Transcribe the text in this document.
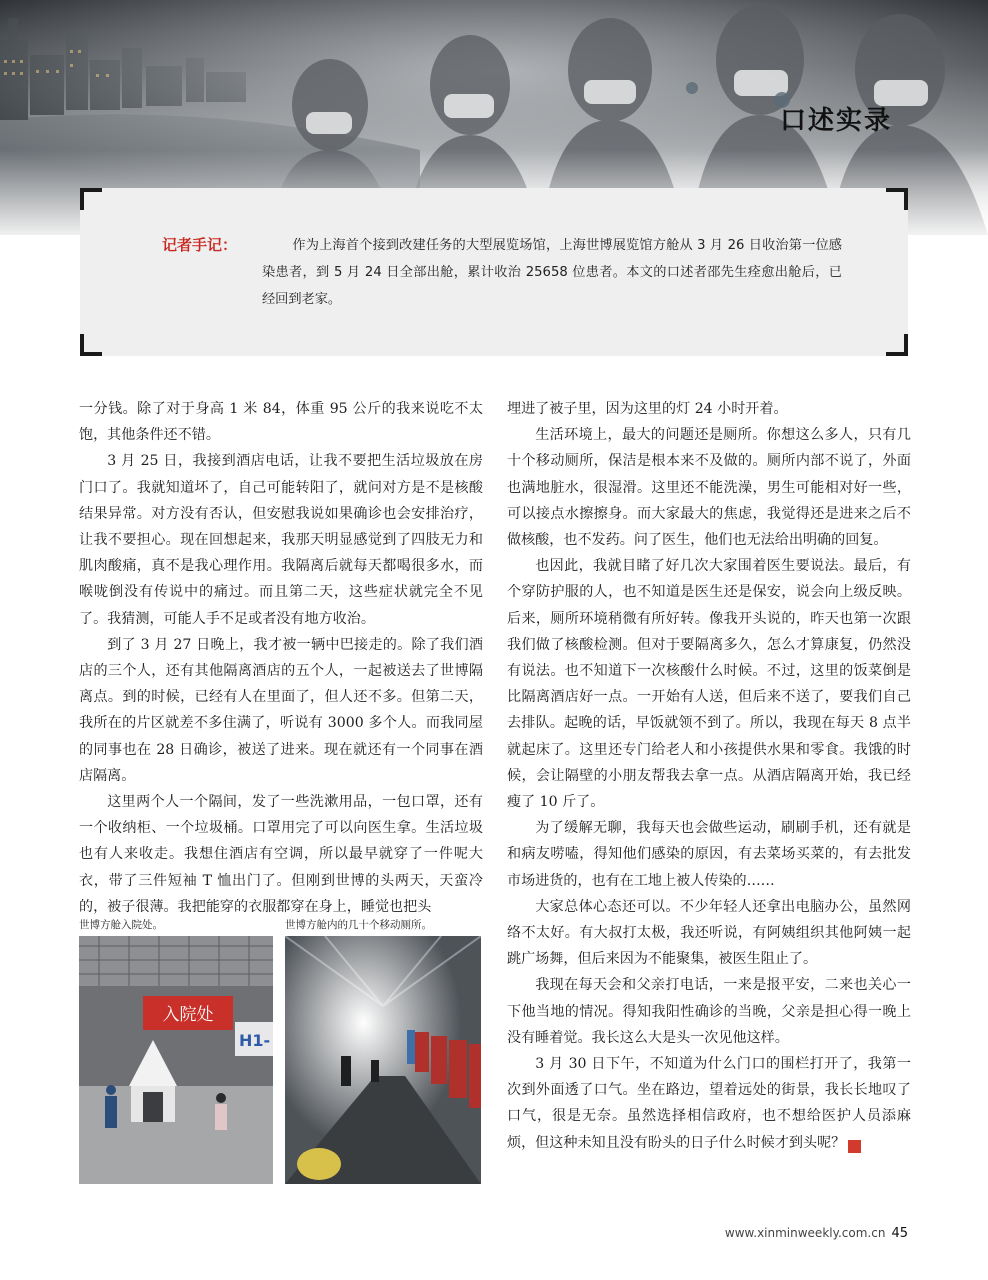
口述实录
记者手记：	作为上海首个接到改建任务的大型展览场馆，上海世博展览馆方舱从 3 月 26 日收治第一位感染患者，到 5 月 24 日全部出舱，累计收治 25658 位患者。本文的口述者邵先生痊愈出舱后，已经回到老家。

一分钱。除了对于身高 1 米 84，体重 95 公斤的我来说吃不太饱，其他条件还不错。

3 月 25 日，我接到酒店电话，让我不要把生活垃圾放在房门口了。我就知道坏了，自己可能转阳了，就问对方是不是核酸结果异常。对方没有否认，但安慰我说如果确诊也会安排治疗，让我不要担心。现在回想起来，我那天明显感觉到了四肢无力和肌肉酸痛，真不是我心理作用。我隔离后就每天都喝很多水，而喉咙倒没有传说中的痛过。而且第二天，这些症状就完全不见了。我猜测，可能人手不足或者没有地方收治。

到了 3 月 27 日晚上，我才被一辆中巴接走的。除了我们酒店的三个人，还有其他隔离酒店的五个人，一起被送去了世博隔离点。到的时候，已经有人在里面了，但人还不多。但第二天，我所在的片区就差不多住满了，听说有 3000 多个人。而我同屋的同事也在 28 日确诊，被送了进来。现在就还有一个同事在酒店隔离。

这里两个人一个隔间，发了一些洗漱用品，一包口罩，还有一个收纳柜、一个垃圾桶。口罩用完了可以向医生拿。生活垃圾也有人来收走。我想住酒店有空调，所以最早就穿了一件呢大衣，带了三件短袖 T 恤出门了。但刚到世博的头两天，天蛮冷的，被子很薄。我把能穿的衣服都穿在身上，睡觉也把头

埋进了被子里，因为这里的灯 24 小时开着。

生活环境上，最大的问题还是厕所。你想这么多人，只有几十个移动厕所，保洁是根本来不及做的。厕所内部不说了，外面也满地脏水，很湿滑。这里还不能洗澡，男生可能相对好一些，可以接点水擦擦身。而大家最大的焦虑，我觉得还是进来之后不做核酸，也不发药。问了医生，他们也无法给出明确的回复。

也因此，我就目睹了好几次大家围着医生要说法。最后，有个穿防护服的人，也不知道是医生还是保安，说会向上级反映。后来，厕所环境稍微有所好转。像我开头说的，昨天也第一次跟我们做了核酸检测。但对于要隔离多久，怎么才算康复，仍然没有说法。也不知道下一次核酸什么时候。不过，这里的饭菜倒是比隔离酒店好一点。一开始有人送，但后来不送了，要我们自己去排队。起晚的话，早饭就领不到了。所以，我现在每天 8 点半就起床了。这里还专门给老人和小孩提供水果和零食。我饿的时候，会让隔壁的小朋友帮我去拿一点。从酒店隔离开始，我已经瘦了 10 斤了。

为了缓解无聊，我每天也会做些运动，刷刷手机，还有就是和病友唠嗑，得知他们感染的原因，有去菜场买菜的，有去批发市场进货的，也有在工地上被人传染的……

大家总体心态还可以。不少年轻人还拿出电脑办公，虽然网络不太好。有大叔打太极，我还听说，有阿姨组织其他阿姨一起跳广场舞，但后来因为不能聚集，被医生阻止了。

我现在每天会和父亲打电话，一来是报平安，二来也关心一下他当地的情况。得知我阳性确诊的当晚，父亲是担心得一晚上没有睡着觉。我长这么大是头一次见他这样。

3 月 30 日下午，不知道为什么门口的围栏打开了，我第一次到外面透了口气。坐在路边，望着远处的街景，我长长地叹了口气，很是无奈。虽然选择相信政府，也不想给医护人员添麻烦，但这种未知且没有盼头的日子什么时候才到头呢？	民

世博方舱入院处。
入院处
H1-
世博方舱内的几十个移动厕所。
www.xinminweekly.com.cn 45
